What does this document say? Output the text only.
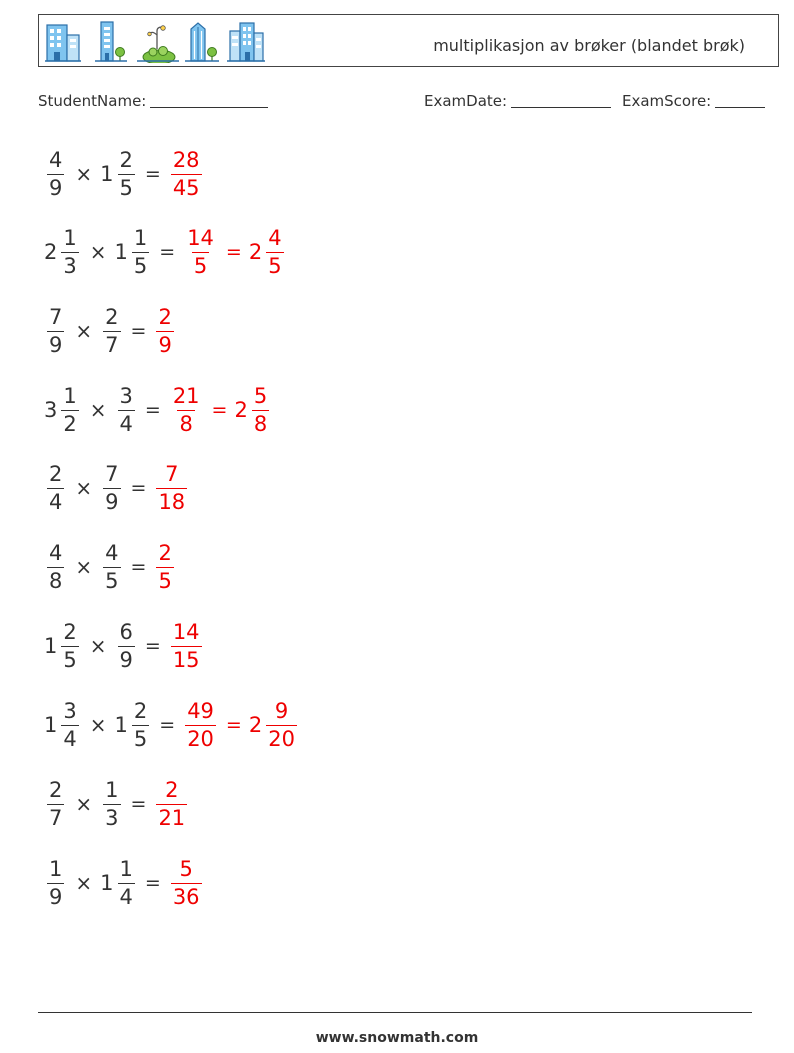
multiplikasjon av brøker (blandet brøk)
StudentName:	ExamDate:	ExamScore:
$\frac{4}{9} \times 1 \frac{2}{5} = \frac{28}{45}$
$2 \frac{1}{3} \times 1 \frac{1}{5} = \frac{14}{5} = 2 \frac{4}{5}$
$\frac{7}{9} \times \frac{2}{7} = \frac{2}{9}$
$3 \frac{1}{2} \times \frac{3}{4} = \frac{21}{8} = 2 \frac{5}{8}$
$\frac{2}{4} \times \frac{7}{9} = \frac{7}{18}$
$\frac{4}{8} \times \frac{4}{5} = \frac{2}{5}$
$1 \frac{2}{5} \times \frac{6}{9} = \frac{14}{15}$
$1 \frac{3}{4} \times 1 \frac{2}{5} = \frac{49}{20} = 2 \frac{9}{20}$
$\frac{2}{7} \times \frac{1}{3} = \frac{2}{21}$
$\frac{1}{9} \times 1 \frac{1}{4} = \frac{5}{36}$
www.snowmath.com
